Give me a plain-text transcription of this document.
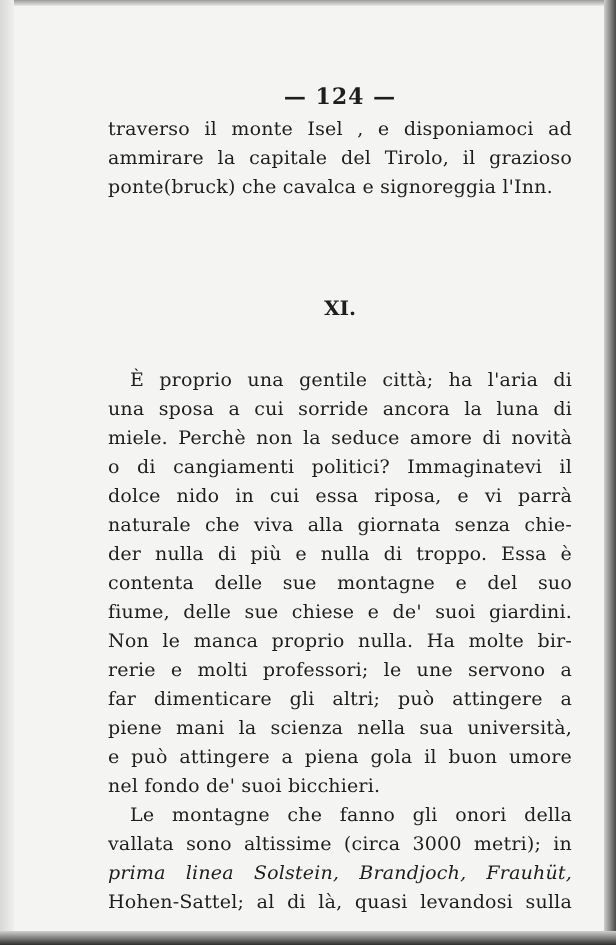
— 124 —
traverso il monte Isel , e disponiamoci ad
ammirare la capitale del Tirolo, il grazioso
ponte(bruck) che cavalca e signoreggia l'Inn.
XI.
È proprio una gentile città; ha l'aria di
una sposa a cui sorride ancora la luna di
miele. Perchè non la seduce amore di novità
o di cangiamenti politici? Immaginatevi il
dolce nido in cui essa riposa, e vi parrà
naturale che viva alla giornata senza chie-
der nulla di più e nulla di troppo. Essa è
contenta delle sue montagne e del suo
fiume, delle sue chiese e de' suoi giardini.
Non le manca proprio nulla. Ha molte bir-
rerie e molti professori; le une servono a
far dimenticare gli altri; può attingere a
piene mani la scienza nella sua università,
e può attingere a piena gola il buon umore
nel fondo de' suoi bicchieri.
Le montagne che fanno gli onori della
vallata sono altissime (circa 3000 metri); in
prima linea Solstein, Brandjoch, Frauhüt,
Hohen-Sattel; al di là, quasi levandosi sulla
